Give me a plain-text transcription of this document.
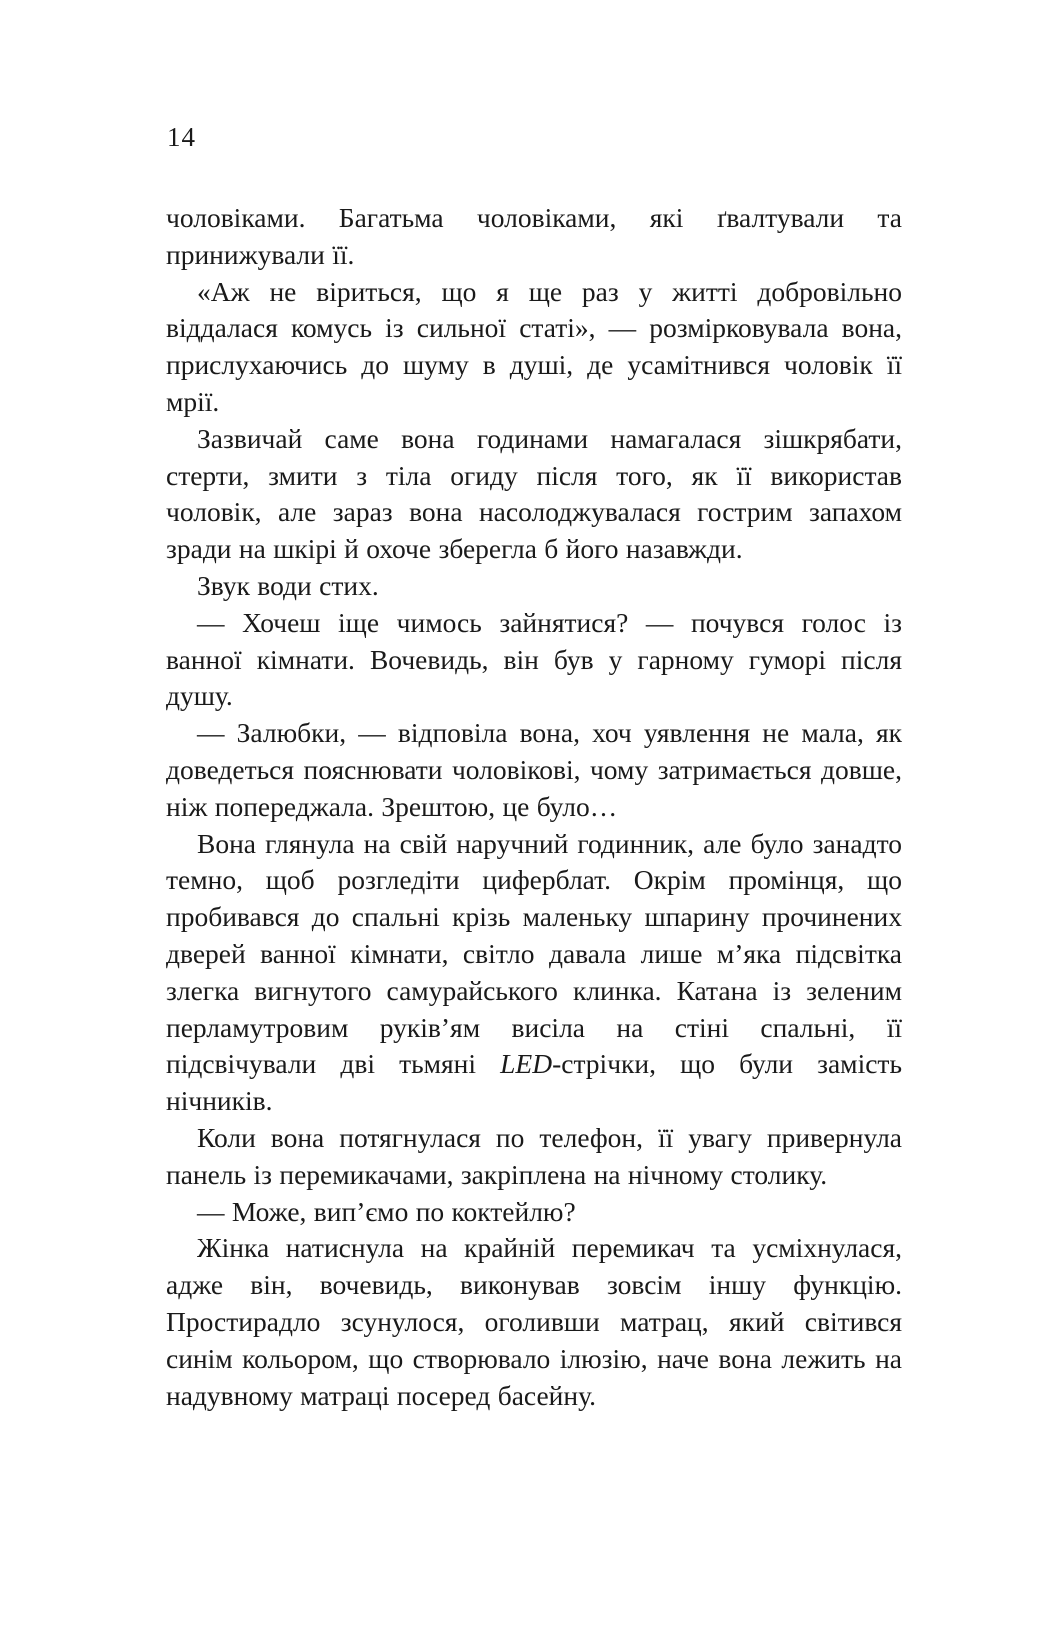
14

чоловіками. Багатьма чоловіками, які ґвалтували та принижували її.

«Аж не віриться, що я ще раз у житті добровільно віддалася комусь із сильної статі», — розмірковувала вона, прислухаючись до шуму в душі, де усамітнився чоловік її мрії.

Зазвичай саме вона годинами намагалася зішкрябати, стерти, змити з тіла огиду після того, як її використав чоловік, але зараз вона насолоджувалася гострим запахом зради на шкірі й охоче зберегла б його назавжди.

Звук води стих.

— Хочеш іще чимось зайнятися? — почувся голос із ванної кімнати. Вочевидь, він був у гарному гуморі після душу.

— Залюбки, — відповіла вона, хоч уявлення не мала, як доведеться пояснювати чоловікові, чому затримається довше, ніж попереджала. Зрештою, це було…

Вона глянула на свій наручний годинник, але було занадто темно, щоб розгледіти циферблат. Окрім промінця, що пробивався до спальні крізь маленьку шпарину прочинених дверей ванної кімнати, світло давала лише м’яка підсвітка злегка вигнутого самурайського клинка. Катана із зеленим перламутровим руків’ям висіла на стіні спальні, її підсвічували дві тьмяні LED-стрічки, що були замість нічників.

Коли вона потягнулася по телефон, її увагу привернула панель із перемикачами, закріплена на нічному столику.

— Може, вип’ємо по коктейлю?

Жінка натиснула на крайній перемикач та усміхнулася, адже він, вочевидь, виконував зовсім іншу функцію. Простирадло зсунулося, оголивши матрац, який світився синім кольором, що створювало ілюзію, наче вона лежить на надувному матраці посеред басейну.
